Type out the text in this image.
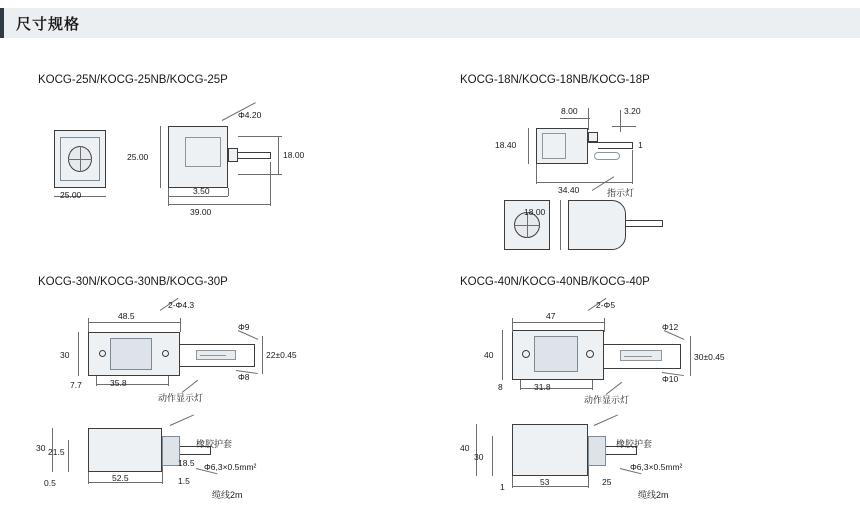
尺寸规格
KOCG-25N/KOCG-25NB/KOCG-25P	KOCG-18N/KOCG-18NB/KOCG-18P
KOCG-30N/KOCG-30NB/KOCG-30P	KOCG-40N/KOCG-40NB/KOCG-40P
Φ4.20
25.00	18.00
25.00	3.50
39.00
8.00	3.20
18.40	1
34.40	指示灯
18.00
48.5
2-Φ4.3
Φ9
30	22±0.45
7.7	35.8
Φ8
动作显示灯
30 21.5
18.5
0.5	52.5	1.5
Φ6,3×0.5mm²
橡胶护套
缆线2m
47
2-Φ5
Φ12
40	30±0.45
8	31.8
Φ10
动作显示灯
40
30
1	53	25
Φ6,3×0.5mm²
橡胶护套
缆线2m
